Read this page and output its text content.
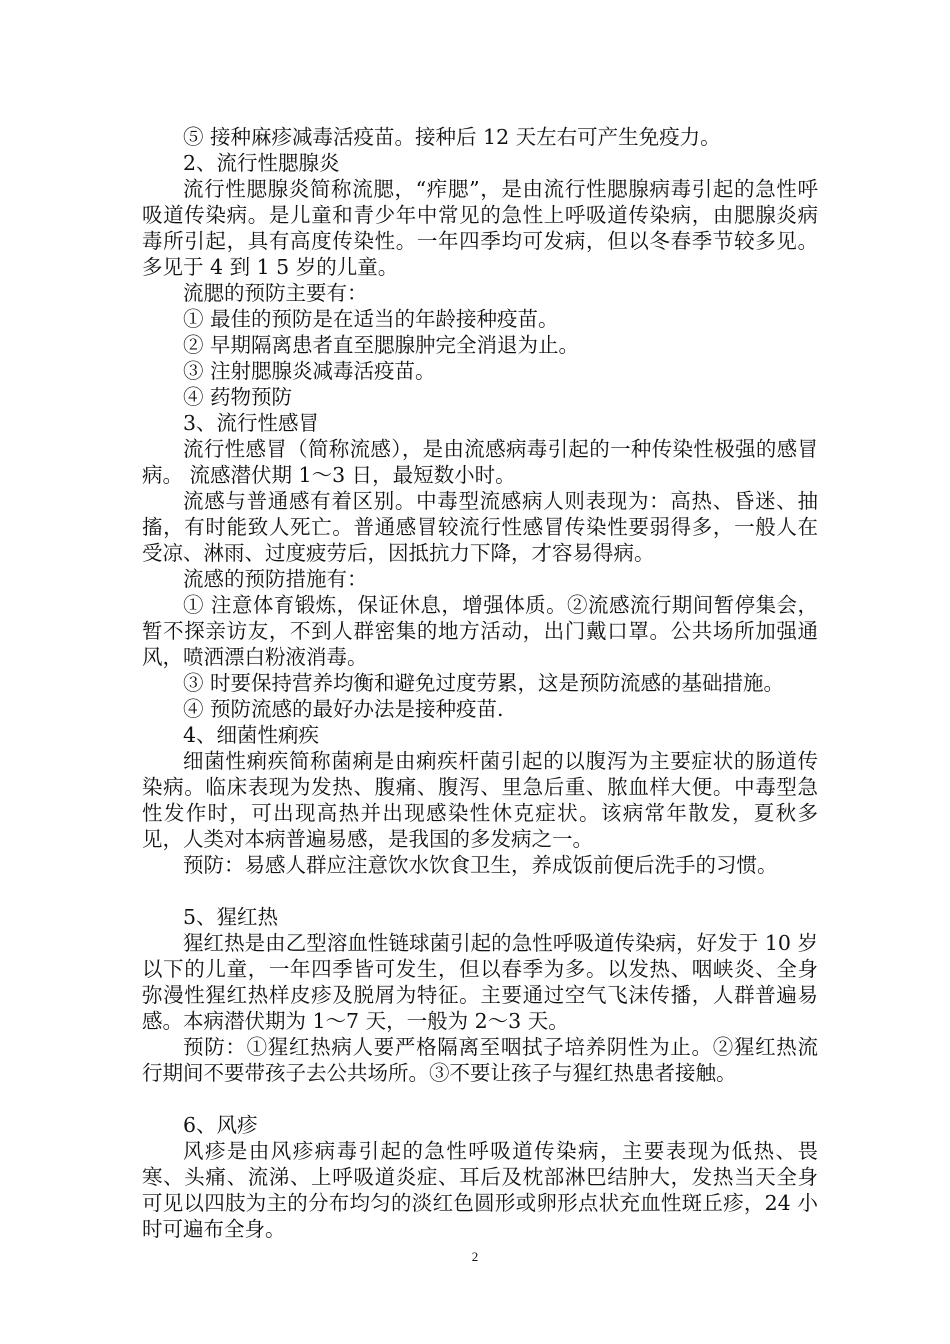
⑤ 接种麻疹减毒活疫苗。接种后 12 天左右可产生免疫力。

2、流行性腮腺炎

流行性腮腺炎简称流腮，“痄腮”，是由流行性腮腺病毒引起的急性呼吸道传染病。是儿童和青少年中常见的急性上呼吸道传染病，由腮腺炎病毒所引起，具有高度传染性。一年四季均可发病，但以冬春季节较多见。多见于 4 到 1 5 岁的儿童。

流腮的预防主要有：

① 最佳的预防是在适当的年龄接种疫苗。

② 早期隔离患者直至腮腺肿完全消退为止。

③ 注射腮腺炎减毒活疫苗。

④ 药物预防

3、流行性感冒

流行性感冒（简称流感），是由流感病毒引起的一种传染性极强的感冒病。 流感潜伏期 1～3 日，最短数小时。

流感与普通感有着区别。中毒型流感病人则表现为：高热、昏迷、抽搐，有时能致人死亡。普通感冒较流行性感冒传染性要弱得多，一般人在受凉、淋雨、过度疲劳后，因抵抗力下降，才容易得病。

流感的预防措施有：

① 注意体育锻炼，保证休息，增强体质。②流感流行期间暂停集会，暂不探亲访友，不到人群密集的地方活动，出门戴口罩。公共场所加强通风，喷洒漂白粉液消毒。

③ 时要保持营养均衡和避免过度劳累，这是预防流感的基础措施。

④ 预防流感的最好办法是接种疫苗.

4、细菌性痢疾

细菌性痢疾简称菌痢是由痢疾杆菌引起的以腹泻为主要症状的肠道传染病。临床表现为发热、腹痛、腹泻、里急后重、脓血样大便。中毒型急性发作时，可出现高热并出现感染性休克症状。该病常年散发，夏秋多见，人类对本病普遍易感，是我国的多发病之一。

预防：易感人群应注意饮水饮食卫生，养成饭前便后洗手的习惯。

5、猩红热

猩红热是由乙型溶血性链球菌引起的急性呼吸道传染病，好发于 10 岁以下的儿童，一年四季皆可发生，但以春季为多。以发热、咽峡炎、全身弥漫性猩红热样皮疹及脱屑为特征。主要通过空气飞沫传播，人群普遍易感。本病潜伏期为 1～7 天，一般为 2～3 天。

预防：①猩红热病人要严格隔离至咽拭子培养阴性为止。②猩红热流行期间不要带孩子去公共场所。③不要让孩子与猩红热患者接触。

6、风疹

风疹是由风疹病毒引起的急性呼吸道传染病，主要表现为低热、畏寒、头痛、流涕、上呼吸道炎症、耳后及枕部淋巴结肿大，发热当天全身可见以四肢为主的分布均匀的淡红色圆形或卵形点状充血性斑丘疹，24 小时可遍布全身。

2
